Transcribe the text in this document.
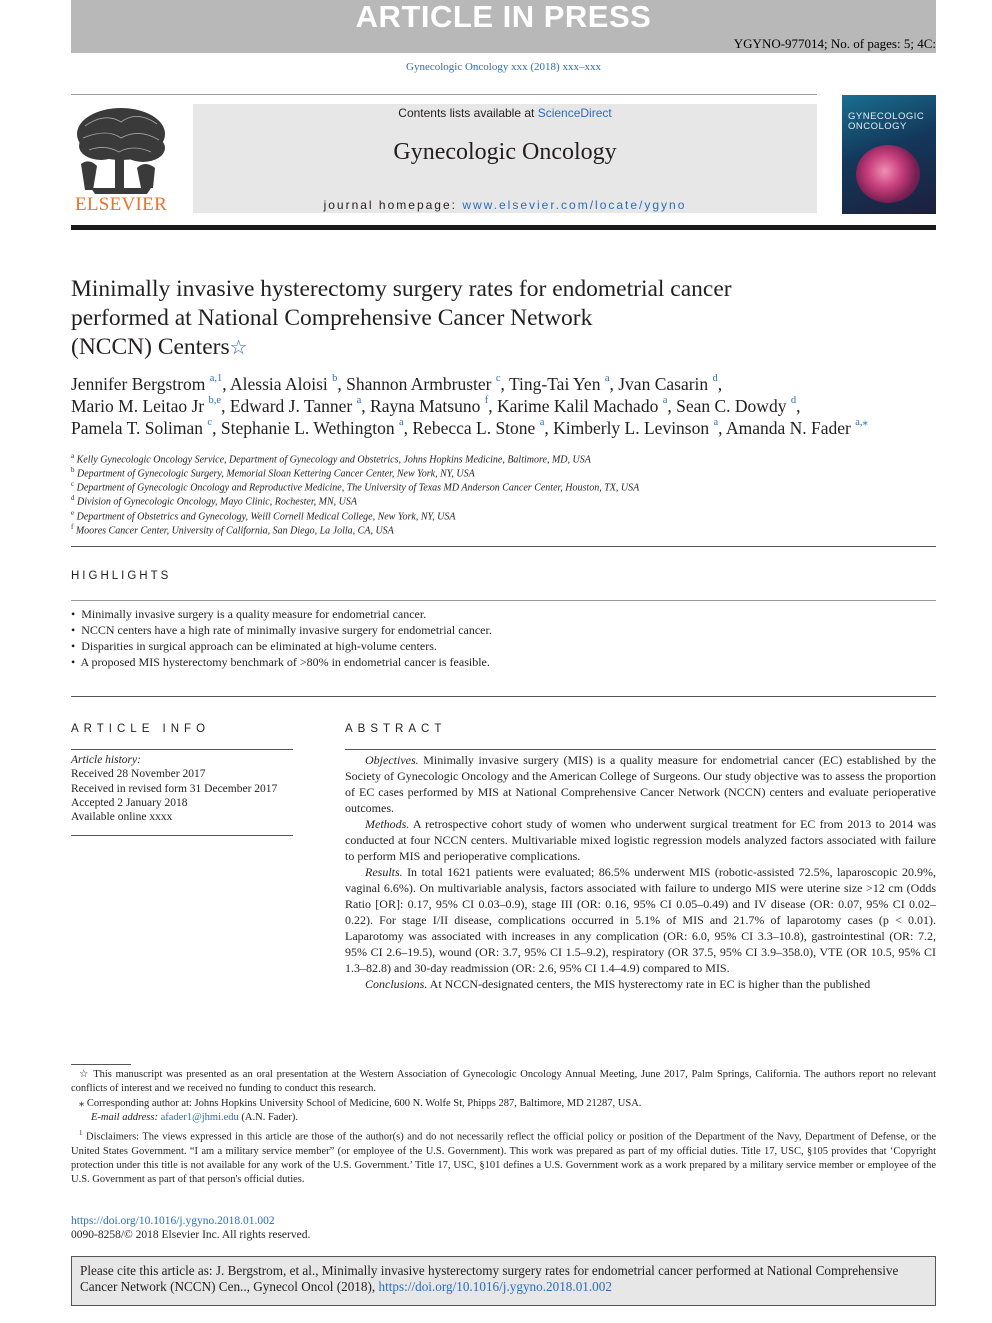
ARTICLE IN PRESS
YGYNO-977014; No. of pages: 5; 4C:
Gynecologic Oncology xxx (2018) xxx–xxx
ELSEVIER
Contents lists available at ScienceDirect
Gynecologic Oncology
journal homepage: www.elsevier.com/locate/ygyno
GYNECOLOGIC
ONCOLOGY
Minimally invasive hysterectomy surgery rates for endometrial cancer
performed at National Comprehensive Cancer Network
(NCCN) Centers☆
Jennifer Bergstrom $^{a,1}$, Alessia Aloisi $^b$, Shannon Armbruster $^c$, Ting-Tai Yen $^a$, Jvan Casarin $^d$,
Mario M. Leitao Jr $^{b,e}$, Edward J. Tanner $^a$, Rayna Matsuno $^f$, Karime Kalil Machado $^a$, Sean C. Dowdy $^d$,
Pamela T. Soliman $^c$, Stephanie L. Wethington $^a$, Rebecca L. Stone $^a$, Kimberly L. Levinson $^a$, Amanda N. Fader $^{a,⁎}$
$^a$ Kelly Gynecologic Oncology Service, Department of Gynecology and Obstetrics, Johns Hopkins Medicine, Baltimore, MD, USA
$^b$ Department of Gynecologic Surgery, Memorial Sloan Kettering Cancer Center, New York, NY, USA
$^c$ Department of Gynecologic Oncology and Reproductive Medicine, The University of Texas MD Anderson Cancer Center, Houston, TX, USA
$^d$ Division of Gynecologic Oncology, Mayo Clinic, Rochester, MN, USA
$^e$ Department of Obstetrics and Gynecology, Weill Cornell Medical College, New York, NY, USA
$^f$ Moores Cancer Center, University of California, San Diego, La Jolla, CA, USA
HIGHLIGHTS
•  Minimally invasive surgery is a quality measure for endometrial cancer.
•  NCCN centers have a high rate of minimally invasive surgery for endometrial cancer.
•  Disparities in surgical approach can be eliminated at high-volume centers.
•  A proposed MIS hysterectomy benchmark of >80% in endometrial cancer is feasible.
ARTICLE INFO
Article history:
Received 28 November 2017
Received in revised form 31 December 2017
Accepted 2 January 2018
Available online xxxx
ABSTRACT

Objectives. Minimally invasive surgery (MIS) is a quality measure for endometrial cancer (EC) established by the Society of Gynecologic Oncology and the American College of Surgeons. Our study objective was to assess the proportion of EC cases performed by MIS at National Comprehensive Cancer Network (NCCN) centers and evaluate perioperative outcomes.

Methods. A retrospective cohort study of women who underwent surgical treatment for EC from 2013 to 2014 was conducted at four NCCN centers. Multivariable mixed logistic regression models analyzed factors associated with failure to perform MIS and perioperative complications.

Results. In total 1621 patients were evaluated; 86.5% underwent MIS (robotic-assisted 72.5%, laparoscopic 20.9%, vaginal 6.6%). On multivariable analysis, factors associated with failure to undergo MIS were uterine size >12 cm (Odds Ratio [OR]: 0.17, 95% CI 0.03–0.9), stage III (OR: 0.16, 95% CI 0.05–0.49) and IV disease (OR: 0.07, 95% CI 0.02–0.22). For stage I/II disease, complications occurred in 5.1% of MIS and 21.7% of laparotomy cases (p < 0.01). Laparotomy was associated with increases in any complication (OR: 6.0, 95% CI 3.3–10.8), gastrointestinal (OR: 7.2, 95% CI 2.6–19.5), wound (OR: 3.7, 95% CI 1.5–9.2), respiratory (OR 37.5, 95% CI 3.9–358.0), VTE (OR 10.5, 95% CI 1.3–82.8) and 30-day readmission (OR: 2.6, 95% CI 1.4–4.9) compared to MIS.

Conclusions. At NCCN-designated centers, the MIS hysterectomy rate in EC is higher than the published

☆ This manuscript was presented as an oral presentation at the Western Association of Gynecologic Oncology Annual Meeting, June 2017, Palm Springs, California. The authors report no relevant conflicts of interest and we received no funding to conduct this research.

⁎ Corresponding author at: Johns Hopkins University School of Medicine, 600 N. Wolfe St, Phipps 287, Baltimore, MD 21287, USA.

E-mail address: afader1@jhmi.edu (A.N. Fader).

$^1$ Disclaimers: The views expressed in this article are those of the author(s) and do not necessarily reflect the official policy or position of the Department of the Navy, Department of Defense, or the United States Government. “I am a military service member” (or employee of the U.S. Government). This work was prepared as part of my official duties. Title 17, USC, §105 provides that ‘Copyright protection under this title is not available for any work of the U.S. Government.’ Title 17, USC, §101 defines a U.S. Government work as a work prepared by a military service member or employee of the U.S. Government as part of that person's official duties.

https://doi.org/10.1016/j.ygyno.2018.01.002
0090-8258/© 2018 Elsevier Inc. All rights reserved.
Please cite this article as: J. Bergstrom, et al., Minimally invasive hysterectomy surgery rates for endometrial cancer performed at National Comprehensive Cancer Network (NCCN) Cen.., Gynecol Oncol (2018), https://doi.org/10.1016/j.ygyno.2018.01.002
